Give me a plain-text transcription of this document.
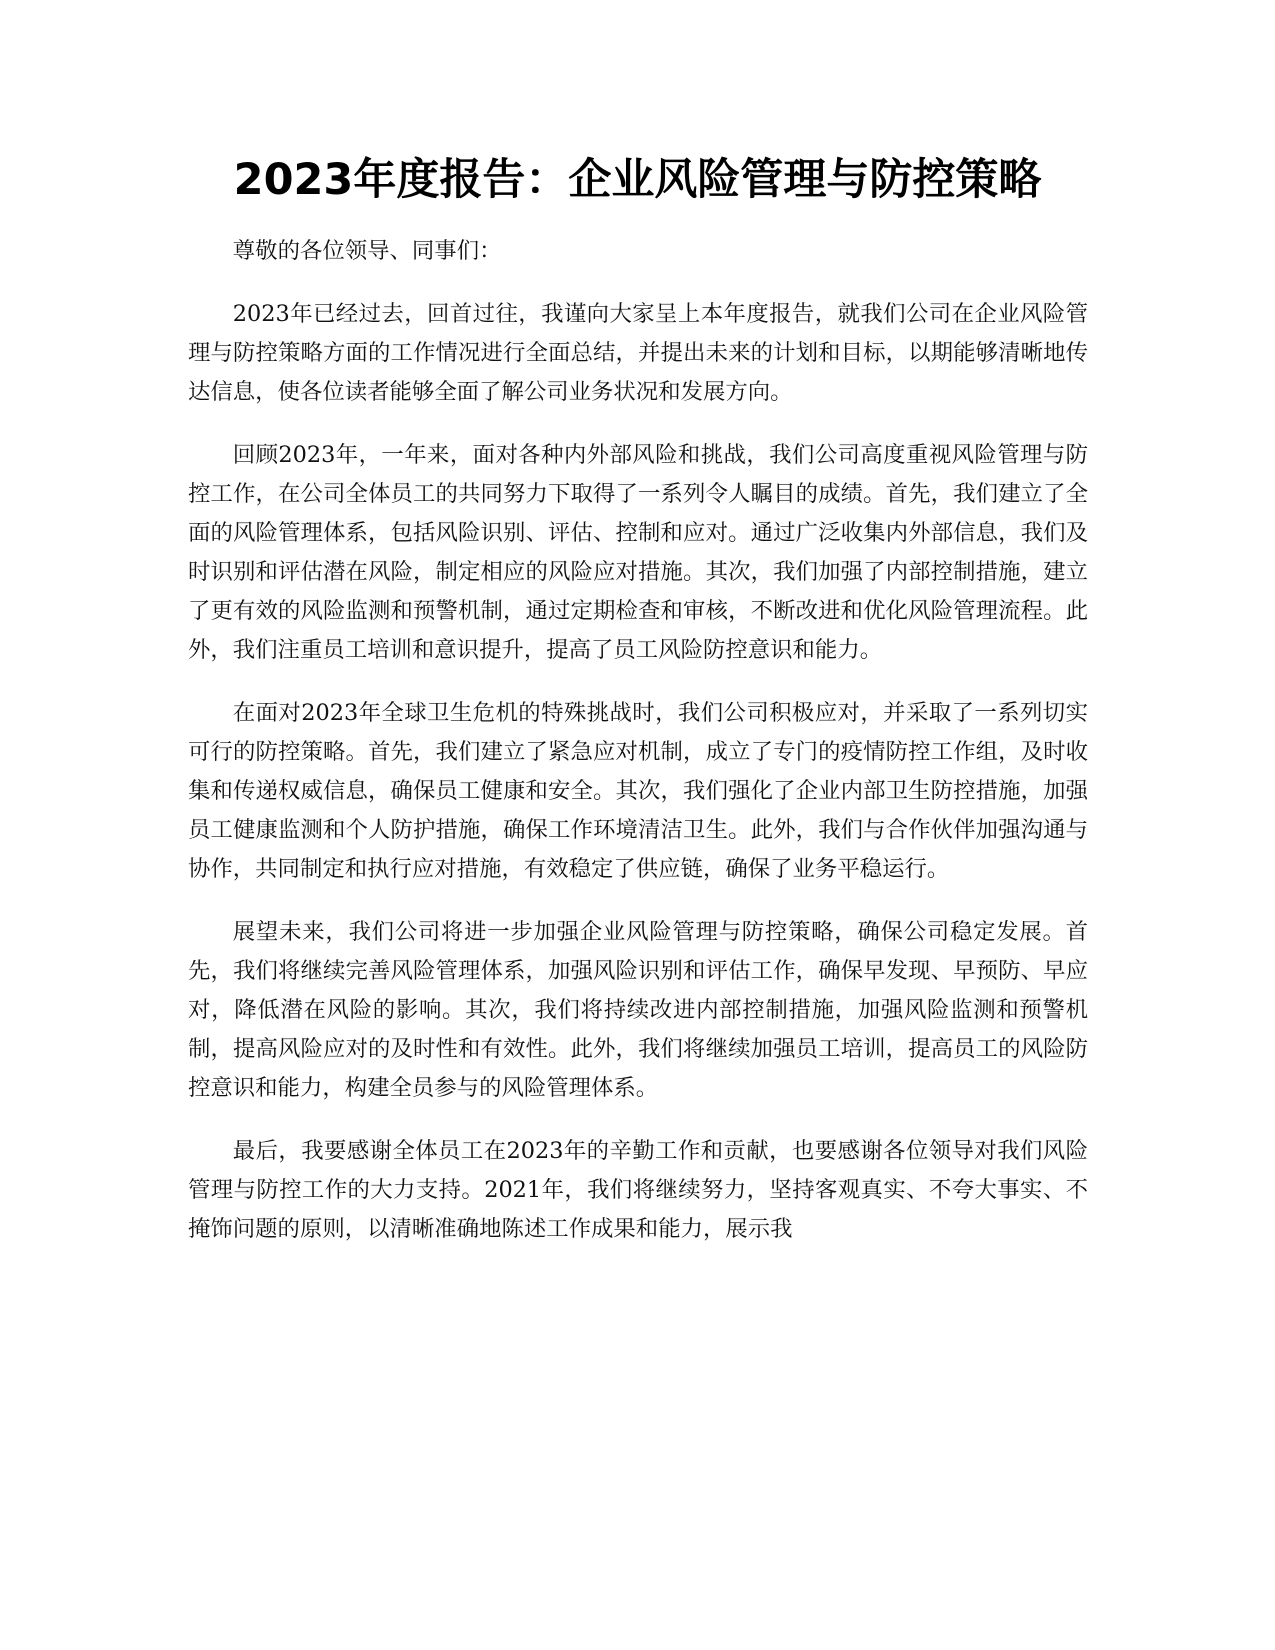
2023年度报告：企业风险管理与防控策略

尊敬的各位领导、同事们：

2023年已经过去，回首过往，我谨向大家呈上本年度报告，就我们公司在企业风险管理与防控策略方面的工作情况进行全面总结，并提出未来的计划和目标，以期能够清晰地传达信息，使各位读者能够全面了解公司业务状况和发展方向。

回顾2023年，一年来，面对各种内外部风险和挑战，我们公司高度重视风险管理与防控工作，在公司全体员工的共同努力下取得了一系列令人瞩目的成绩。首先，我们建立了全面的风险管理体系，包括风险识别、评估、控制和应对。通过广泛收集内外部信息，我们及时识别和评估潜在风险，制定相应的风险应对措施。其次，我们加强了内部控制措施，建立了更有效的风险监测和预警机制，通过定期检查和审核，不断改进和优化风险管理流程。此外，我们注重员工培训和意识提升，提高了员工风险防控意识和能力。

在面对2023年全球卫生危机的特殊挑战时，我们公司积极应对，并采取了一系列切实可行的防控策略。首先，我们建立了紧急应对机制，成立了专门的疫情防控工作组，及时收集和传递权威信息，确保员工健康和安全。其次，我们强化了企业内部卫生防控措施，加强员工健康监测和个人防护措施，确保工作环境清洁卫生。此外，我们与合作伙伴加强沟通与协作，共同制定和执行应对措施，有效稳定了供应链，确保了业务平稳运行。

展望未来，我们公司将进一步加强企业风险管理与防控策略，确保公司稳定发展。首先，我们将继续完善风险管理体系，加强风险识别和评估工作，确保早发现、早预防、早应对，降低潜在风险的影响。其次，我们将持续改进内部控制措施，加强风险监测和预警机制，提高风险应对的及时性和有效性。此外，我们将继续加强员工培训，提高员工的风险防控意识和能力，构建全员参与的风险管理体系。

最后，我要感谢全体员工在2023年的辛勤工作和贡献，也要感谢各位领导对我们风险管理与防控工作的大力支持。2021年，我们将继续努力，坚持客观真实、不夸大事实、不掩饰问题的原则，以清晰准确地陈述工作成果和能力，展示我
